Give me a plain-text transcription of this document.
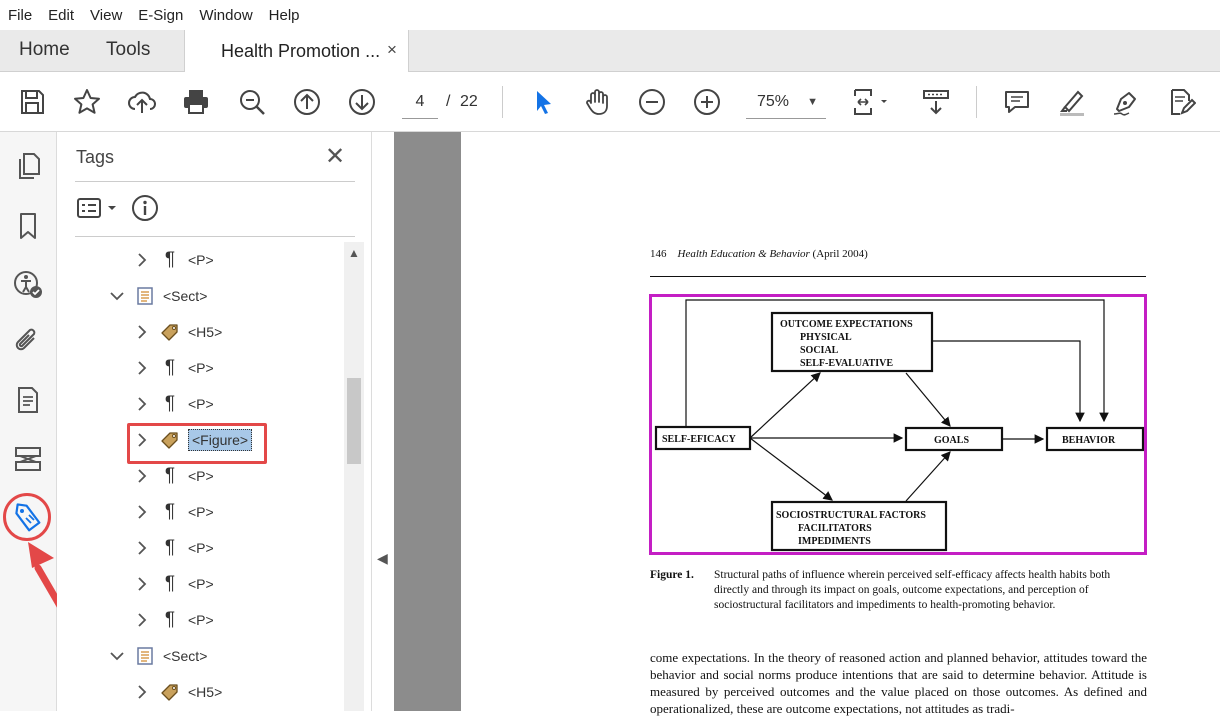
File Edit View E-Sign Window Help
Home Tools	Health Promotion ... ×
4	/ 22	75% ▼
Tags	✕
¶ <P>
<Sect>
<H5>
¶ <P>
¶ <P>
<Figure>
¶ <P>
¶ <P>
¶ <P>
¶ <P>
¶ <P>
<Sect>
<H5>
▲
◀
146 Health Education & Behavior (April 2004)
OUTCOME EXPECTATIONS
PHYSICAL
SOCIAL
SELF-EVALUATIVE
SELF-EFICACY	GOALS	BEHAVIOR
SOCIOSTRUCTURAL FACTORS
FACILITATORS
IMPEDIMENTS
Figure 1. Structural paths of influence wherein perceived self-efficacy affects health habits both directly and through its impact on goals, outcome expectations, and perception of sociostructural facilitators and impediments to health-promoting behavior.
come expectations. In the theory of reasoned action and planned behavior, attitudes toward the behavior and social norms produce intentions that are said to determine behavior. Attitude is measured by perceived outcomes and the value placed on those outcomes. As defined and operationalized, these are outcome expectations, not attitudes as tradi-
